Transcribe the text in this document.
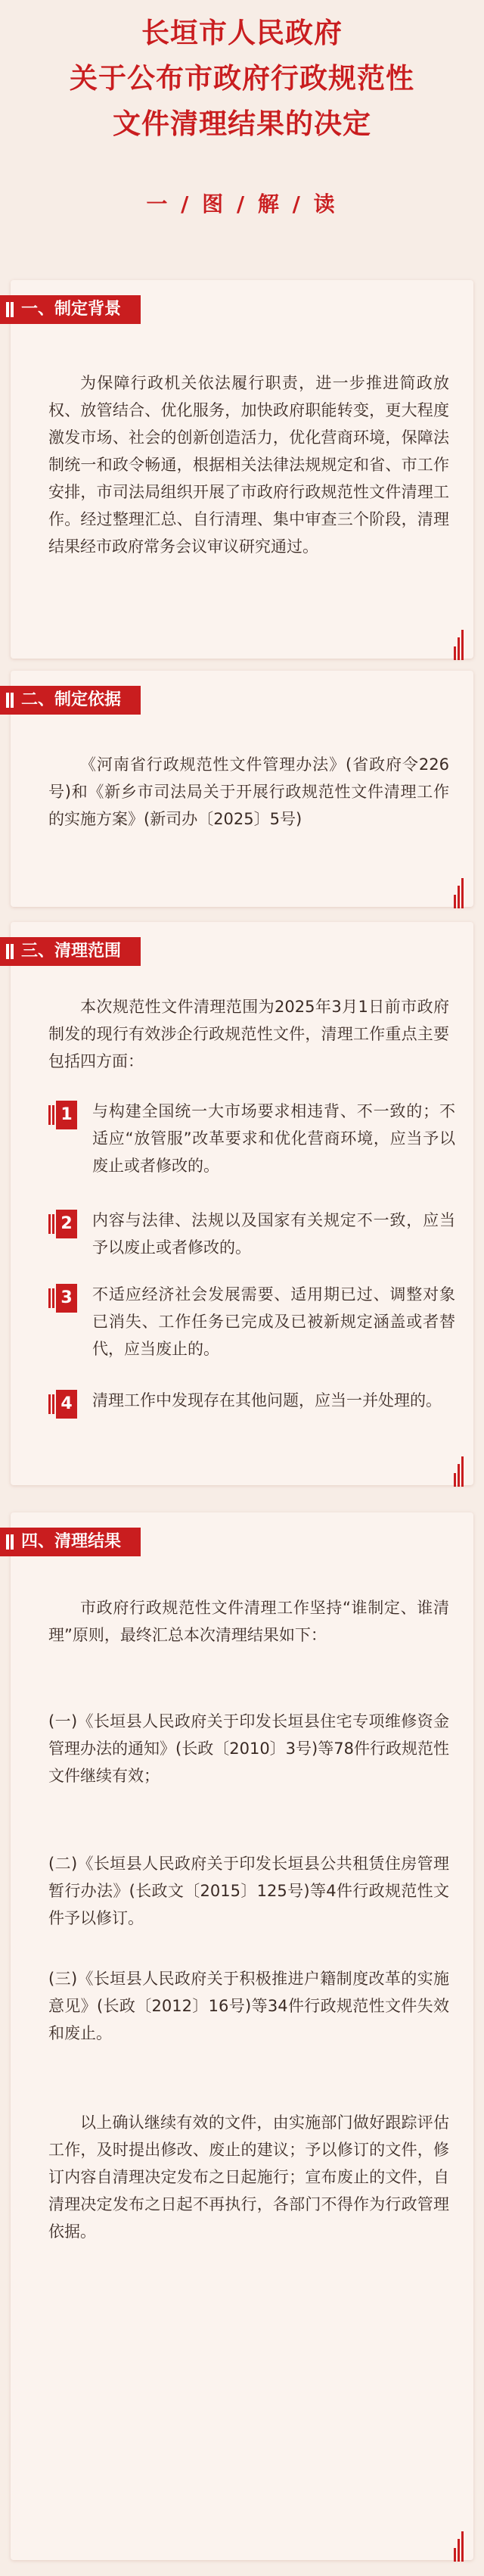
长垣市人民政府
关于公布市政府行政规范性
文件清理结果的决定
一 / 图 / 解 / 读
一、制定背景
为保障行政机关依法履行职责，进一步推进简政放权、放管结合、优化服务，加快政府职能转变，更大程度激发市场、社会的创新创造活力，优化营商环境，保障法制统一和政令畅通，根据相关法律法规规定和省、市工作安排，市司法局组织开展了市政府行政规范性文件清理工作。经过整理汇总、自行清理、集中审查三个阶段，清理结果经市政府常务会议审议研究通过。
二、制定依据
《河南省行政规范性文件管理办法》(省政府令226号)和《新乡市司法局关于开展行政规范性文件清理工作的实施方案》(新司办〔2025〕5号)
三、清理范围
本次规范性文件清理范围为2025年3月1日前市政府制发的现行有效涉企行政规范性文件，清理工作重点主要包括四方面：
1	与构建全国统一大市场要求相违背、不一致的；不适应“放管服”改革要求和优化营商环境，应当予以废止或者修改的。
2	内容与法律、法规以及国家有关规定不一致，应当予以废止或者修改的。
3	不适应经济社会发展需要、适用期已过、调整对象已消失、工作任务已完成及已被新规定涵盖或者替代，应当废止的。
4	清理工作中发现存在其他问题，应当一并处理的。
四、清理结果
市政府行政规范性文件清理工作坚持“谁制定、谁清理”原则，最终汇总本次清理结果如下：
(一)《长垣县人民政府关于印发长垣县住宅专项维修资金管理办法的通知》(长政〔2010〕3号)等78件行政规范性文件继续有效；
(二)《长垣县人民政府关于印发长垣县公共租赁住房管理暂行办法》(长政文〔2015〕125号)等4件行政规范性文件予以修订。
(三)《长垣县人民政府关于积极推进户籍制度改革的实施意见》(长政〔2012〕16号)等34件行政规范性文件失效和废止。
以上确认继续有效的文件，由实施部门做好跟踪评估工作，及时提出修改、废止的建议；予以修订的文件，修订内容自清理决定发布之日起施行；宣布废止的文件，自清理决定发布之日起不再执行，各部门不得作为行政管理依据。
